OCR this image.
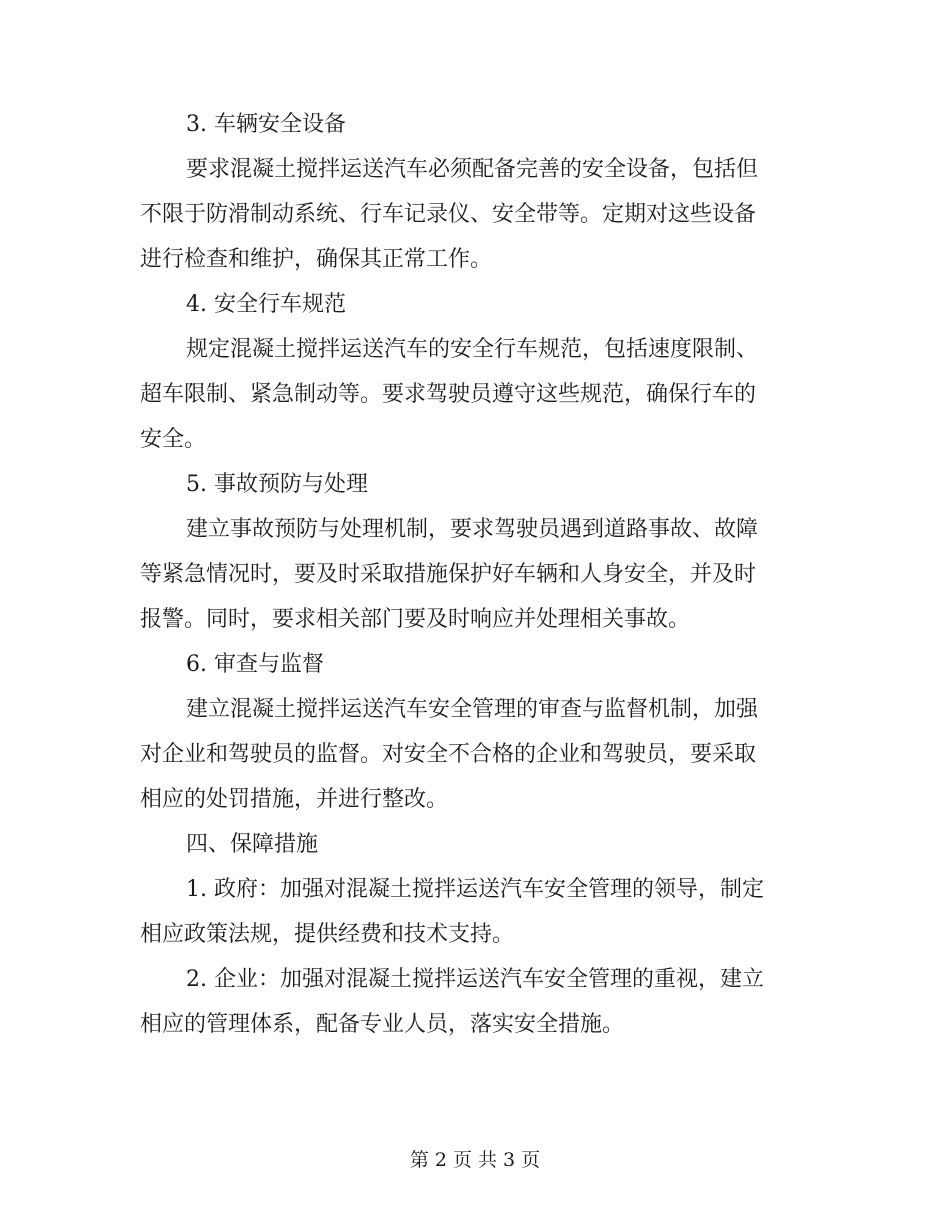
3. 车辆安全设备
要求混凝土搅拌运送汽车必须配备完善的安全设备，包括但
不限于防滑制动系统、行车记录仪、安全带等。定期对这些设备
进行检查和维护，确保其正常工作。
4. 安全行车规范
规定混凝土搅拌运送汽车的安全行车规范，包括速度限制、
超车限制、紧急制动等。要求驾驶员遵守这些规范，确保行车的
安全。
5. 事故预防与处理
建立事故预防与处理机制，要求驾驶员遇到道路事故、故障
等紧急情况时，要及时采取措施保护好车辆和人身安全，并及时
报警。同时，要求相关部门要及时响应并处理相关事故。
6. 审查与监督
建立混凝土搅拌运送汽车安全管理的审查与监督机制，加强
对企业和驾驶员的监督。对安全不合格的企业和驾驶员，要采取
相应的处罚措施，并进行整改。
四、保障措施
1. 政府：加强对混凝土搅拌运送汽车安全管理的领导，制定
相应政策法规，提供经费和技术支持。
2. 企业：加强对混凝土搅拌运送汽车安全管理的重视，建立
相应的管理体系，配备专业人员，落实安全措施。
第 2 页 共 3 页
